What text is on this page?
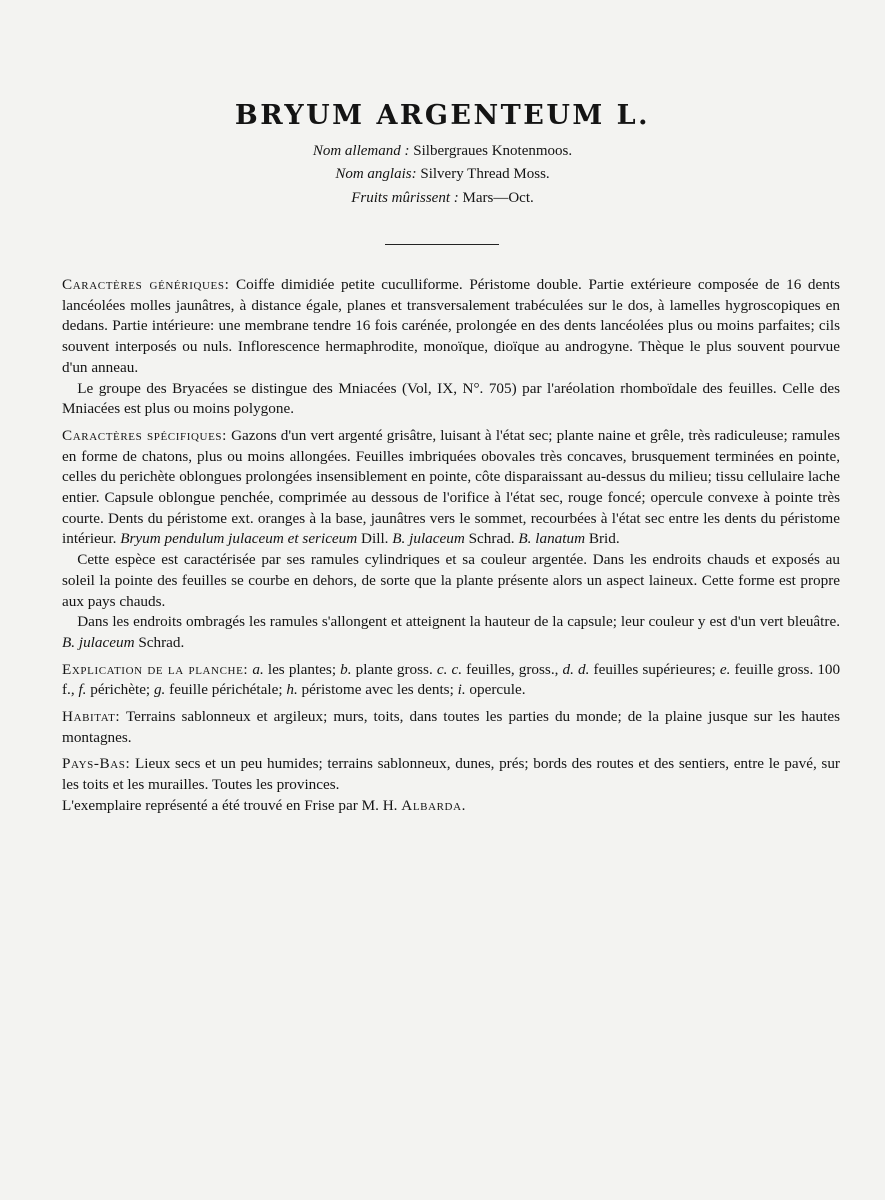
BRYUM ARGENTEUM L.
Nom allemand : Silbergraues Knotenmoos.
Nom anglais: Silvery Thread Moss.
Fruits mûrissent : Mars—Oct.

Caractères génériques: Coiffe dimidiée petite cuculliforme. Péristome double. Partie extérieure composée de 16 dents lancéolées molles jaunâtres, à distance égale, planes et transversalement trabéculées sur le dos, à lamelles hygroscopiques en dedans. Partie intérieure: une membrane tendre 16 fois carénée, prolongée en des dents lancéolées plus ou moins parfaites; cils souvent interposés ou nuls. Inflorescence hermaphrodite, monoïque, dioïque au androgyne. Thèque le plus souvent pourvue d'un anneau.

 Le groupe des Bryacées se distingue des Mniacées (Vol, IX, N°. 705) par l'aréolation rhomboïdale des feuilles. Celle des Mniacées est plus ou moins polygone.

Caractères spécifiques: Gazons d'un vert argenté grisâtre, luisant à l'état sec; plante naine et grêle, très radiculeuse; ramules en forme de chatons, plus ou moins allongées. Feuilles imbriquées obovales très concaves, brusquement terminées en pointe, celles du perichète oblongues prolongées insensiblement en pointe, côte disparaissant au-dessus du milieu; tissu cellulaire lache entier. Capsule oblongue penchée, comprimée au dessous de l'orifice à l'état sec, rouge foncé; opercule convexe à pointe très courte. Dents du péristome ext. oranges à la base, jaunâtres vers le sommet, recourbées à l'état sec entre les dents du péristome intérieur. Bryum pendulum julaceum et sericeum Dill. B. julaceum Schrad. B. lanatum Brid.

 Cette espèce est caractérisée par ses ramules cylindriques et sa couleur argentée. Dans les endroits chauds et exposés au soleil la pointe des feuilles se courbe en dehors, de sorte que la plante présente alors un aspect laineux. Cette forme est propre aux pays chauds.

 Dans les endroits ombragés les ramules s'allongent et atteignent la hauteur de la capsule; leur couleur y est d'un vert bleuâtre. B. julaceum Schrad.

Explication de la planche: a. les plantes; b. plante gross. c. c. feuilles, gross., d. d. feuilles supérieures; e. feuille gross. 100 f., f. périchète; g. feuille périchétale; h. péristome avec les dents; i. opercule.

Habitat: Terrains sablonneux et argileux; murs, toits, dans toutes les parties du monde; de la plaine jusque sur les hautes montagnes.

Pays-Bas: Lieux secs et un peu humides; terrains sablonneux, dunes, prés; bords des routes et des sentiers, entre le pavé, sur les toits et les murailles. Toutes les provinces.

L'exemplaire représenté a été trouvé en Frise par M. H. Albarda.
